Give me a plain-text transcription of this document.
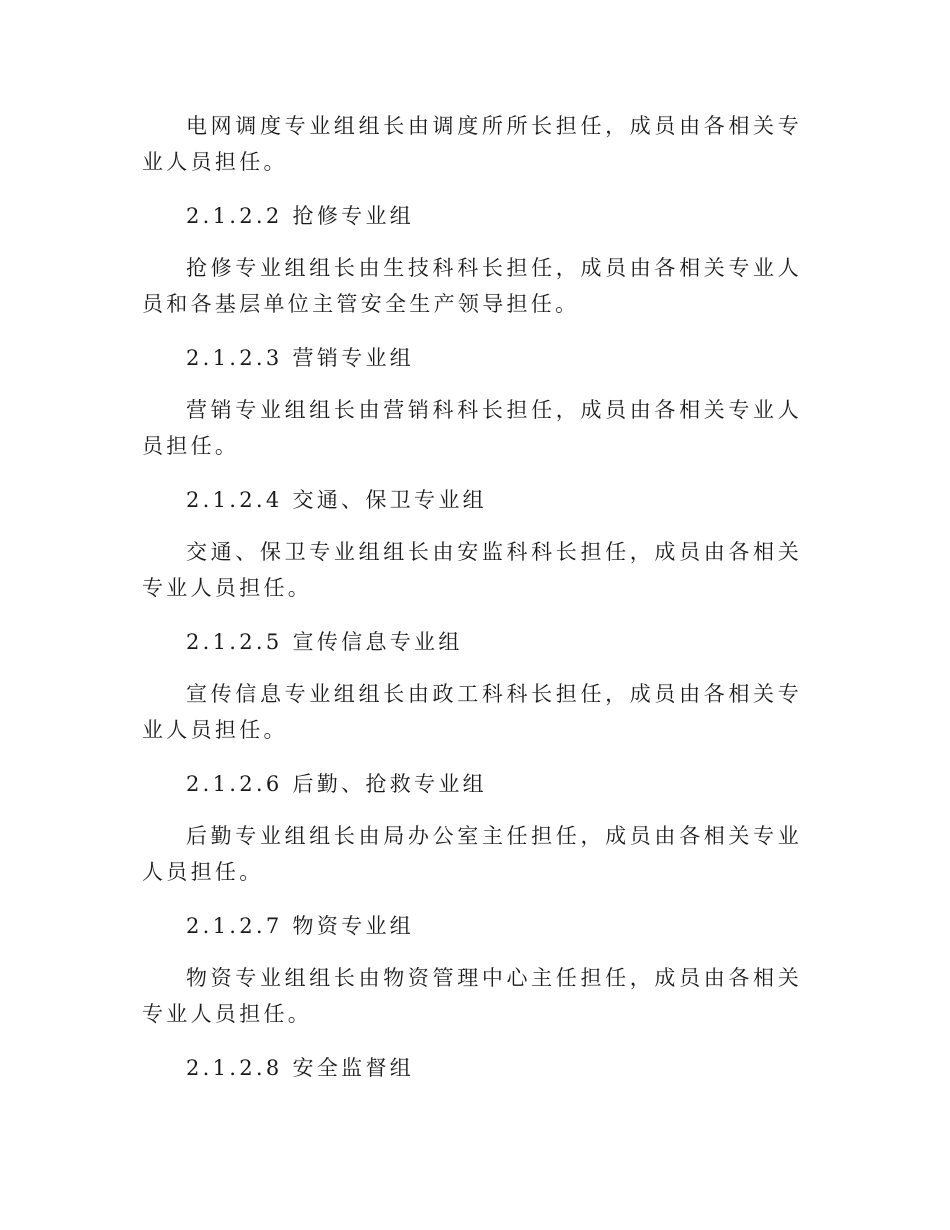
电网调度专业组组长由调度所所长担任，成员由各相关专业人员担任。

2.1.2.2 抢修专业组

抢修专业组组长由生技科科长担任，成员由各相关专业人员和各基层单位主管安全生产领导担任。

2.1.2.3 营销专业组

营销专业组组长由营销科科长担任，成员由各相关专业人员担任。

2.1.2.4 交通、保卫专业组

交通、保卫专业组组长由安监科科长担任，成员由各相关专业人员担任。

2.1.2.5 宣传信息专业组

宣传信息专业组组长由政工科科长担任，成员由各相关专业人员担任。

2.1.2.6 后勤、抢救专业组

后勤专业组组长由局办公室主任担任，成员由各相关专业人员担任。

2.1.2.7 物资专业组

物资专业组组长由物资管理中心主任担任，成员由各相关专业人员担任。

2.1.2.8 安全监督组
